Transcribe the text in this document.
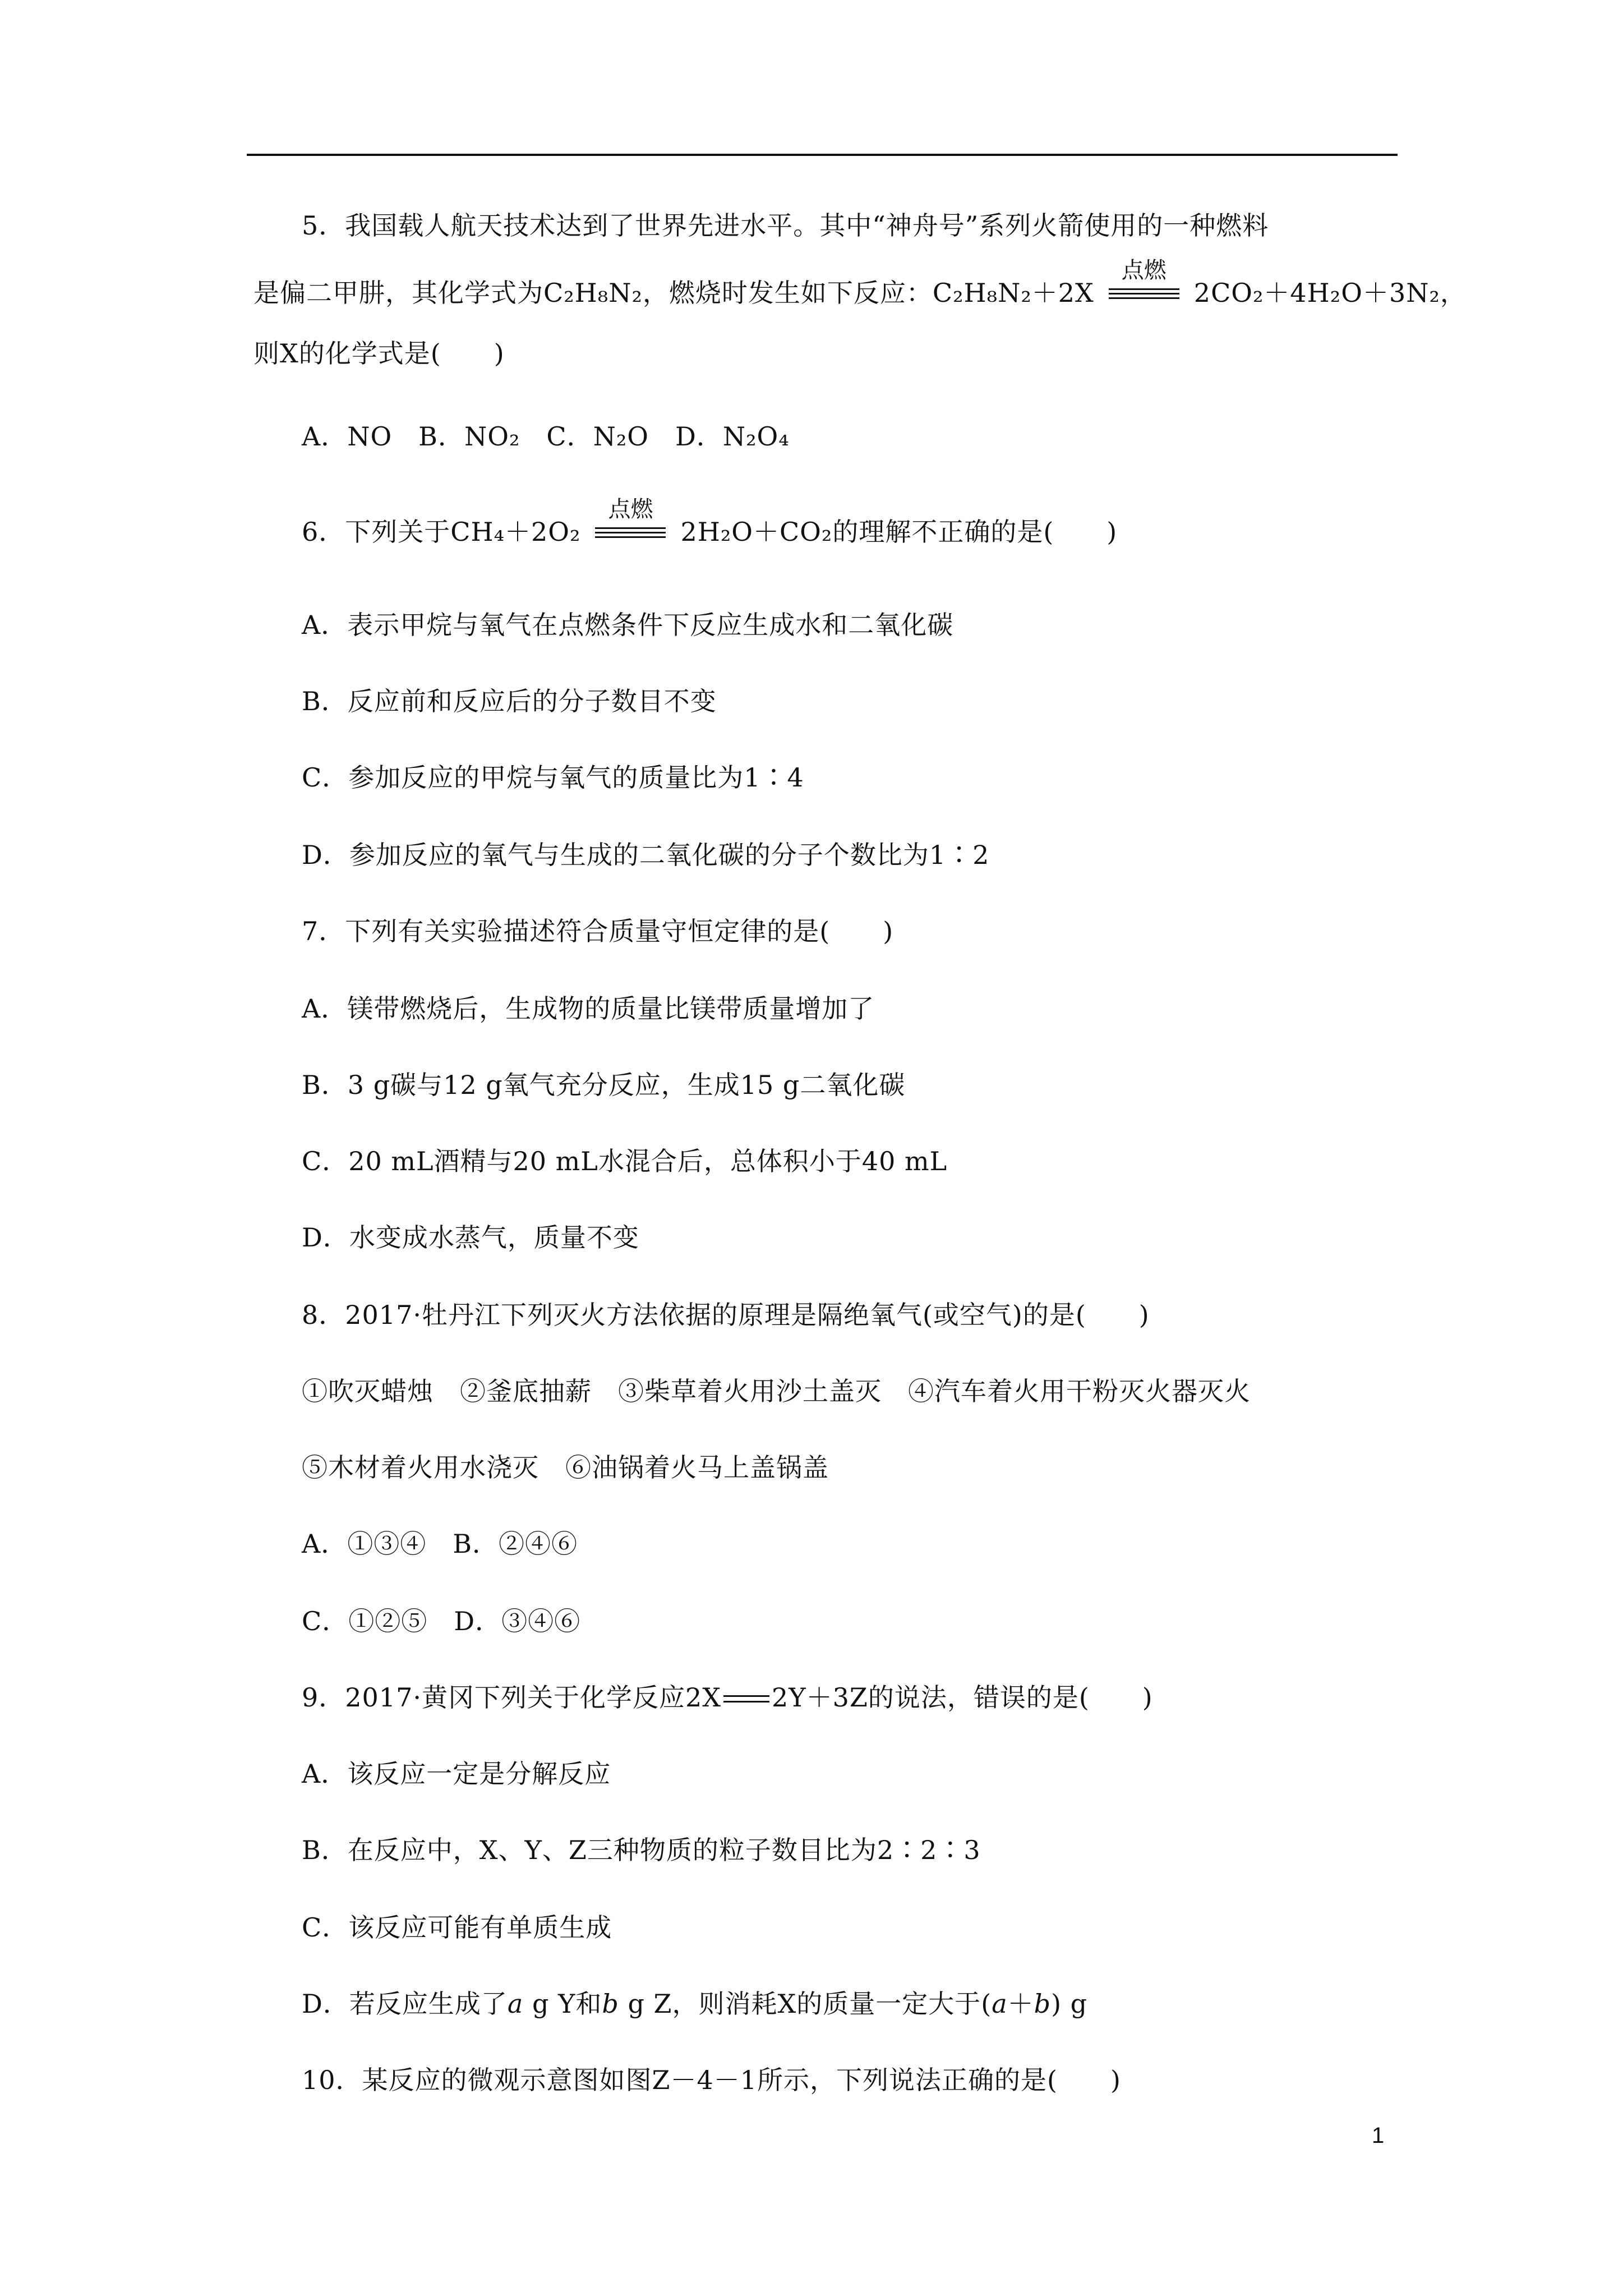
5．我国载人航天技术达到了世界先进水平。其中“神舟号”系列火箭使用的一种燃料
是偏二甲肼，其化学式为C₂H₈N₂，燃烧时发生如下反应：C₂H₈N₂＋2X
点燃
2CO₂＋4H₂O＋3N₂，
则X的化学式是(　　)
A．NO　B．NO₂　C．N₂O　D．N₂O₄
6．下列关于CH₄＋2O₂
点燃
2H₂O＋CO₂的理解不正确的是(　　)
A．表示甲烷与氧气在点燃条件下反应生成水和二氧化碳
B．反应前和反应后的分子数目不变
C．参加反应的甲烷与氧气的质量比为1∶4
D．参加反应的氧气与生成的二氧化碳的分子个数比为1∶2
7．下列有关实验描述符合质量守恒定律的是(　　)
A．镁带燃烧后，生成物的质量比镁带质量增加了
B．3 g碳与12 g氧气充分反应，生成15 g二氧化碳
C．20 mL酒精与20 mL水混合后，总体积小于40 mL
D．水变成水蒸气，质量不变
8．2017·牡丹江下列灭火方法依据的原理是隔绝氧气(或空气)的是(　　)
①吹灭蜡烛　②釜底抽薪　③柴草着火用沙土盖灭　④汽车着火用干粉灭火器灭火
⑤木材着火用水浇灭　⑥油锅着火马上盖锅盖
A．①③④　B．②④⑥
C．①②⑤　D．③④⑥
9．2017·黄冈下列关于化学反应2X 2Y＋3Z的说法，错误的是(　　)
A．该反应一定是分解反应
B．在反应中，X、Y、Z三种物质的粒子数目比为2∶2∶3
C．该反应可能有单质生成
D．若反应生成了a g Y和b g Z，则消耗X的质量一定大于(a＋b) g
10．某反应的微观示意图如图Z－4－1所示，下列说法正确的是(　　)
1
